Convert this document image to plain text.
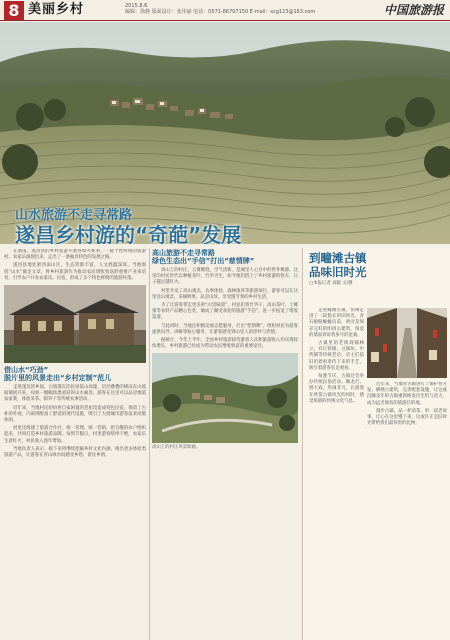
8 美丽乡村	2015.8.6
编辑：徐静 版面设计：张伟丽 电话：0571-86707150 E-mail：scg123@163.com	中国旅游报
山水旅游不走寻常路
遂昌乡村游的“奇葩”发展

在浙南，遂昌县的乡村旅游开展得如火如荼，一批个性鲜明的旅游村、农家乐涌现出来，走出了一条独具特色的发展之路。

遂昌县地处浙西南山区，生态资源丰富，人文底蕴深厚。当地围绕“山水”做足文章，将乡村旅游作为推动农民增收致富的重要产业来培育，引导农户开办农家乐、民宿，形成了多个特色鲜明的旅游村落。

借山水“巧劲”

脱片里的风景走出“乡村定制”范儿

走进遂昌的乡间，白墙黛瓦的民居依山而建，层层叠叠的梯田在山坡间铺展开来，宛如一幅幅浓墨重彩的山水画卷。游客在这里可以品尝地道农家菜，体验采茶、制笋干等传统农事活动。

近年来，当地村民纷纷将自家闲置的老屋改造成特色民宿，保留了古朴的外观，内部则配备了舒适的现代设施，吸引了大批城市游客前来度假休闲。

村里还组建了旅游合作社，统一管理、统一营销，把分散的农户组织起来，共同打造乡村旅游品牌。每到节假日，村里游客络绎不绝，农家乐生意红火，村民收入逐年增加。

当地负责人表示，接下来将继续挖掘乡村文化内涵，推出更多体验类旅游产品，让游客在青山绿水间感受乡愁，留住乡情。

高山旅游不走寻常路

绿色生态出“手信”打出“慈情牌”

高山上的村庄，云雾缭绕，空气清新，是城里人心目中的世外桃源。这里的村民世代以种植茶叶、竹笋为生，如今他们搭上了乡村旅游的快车，日子越过越红火。

村里开发了高山观光、农事体验、森林康养等旅游项目，游客可以在这里登山观景、采摘野果、品尝山珍，享受慢节奏的乡村生活。

为了让游客带走更多的“山里味道”，村民们将竹笋干、高山茶叶、土蜂蜜等农特产品精心包装，做成了颇受欢迎的旅游“手信”，进一步拓宽了增收渠道。

与此同时，当地还积极发展志愿服务，打出“慈情牌”，组织村民为游客提供向导、讲解等贴心服务，让游客感受到山里人的淳朴与热情。

据统计，今年上半年，全县乡村旅游接待游客人次和旅游收入均实现较快增长，乡村旅游已经成为带动农民增收致富的重要途径。

高山上的村庄风景如画。

到疃滩古镇

品味旧时光

□本报记者 刘毅 文/摄

走进疃滩古镇，仿佛走进了一段悠长的旧时光。青石板路蜿蜒向前，两旁是保存完好的明清古建筑，斑驳的墙面诉说着岁月的沧桑。

古镇里的老街商铺林立，有打铁铺、豆腐坊、中药铺等传统老店，店主们依旧用着祖辈传下来的手艺，吸引着游客驻足观看。

每逢节庆，古镇还会举办传统民俗活动，舞龙灯、唱大戏，热闹非凡，让游客在欣赏古镇风光的同时，感受浓郁的传统文化气息。

近年来，当地对古镇进行了保护性开发，修缮古建筑，完善配套设施，让这座沉睡多年的古镇重新焕发出生机与活力，成为远近闻名的旅游目的地。

漫步古镇，品一杯清茶，听一段老故事，让心在这里慢下来，这或许正是旧时光带给我们最珍贵的礼物。
